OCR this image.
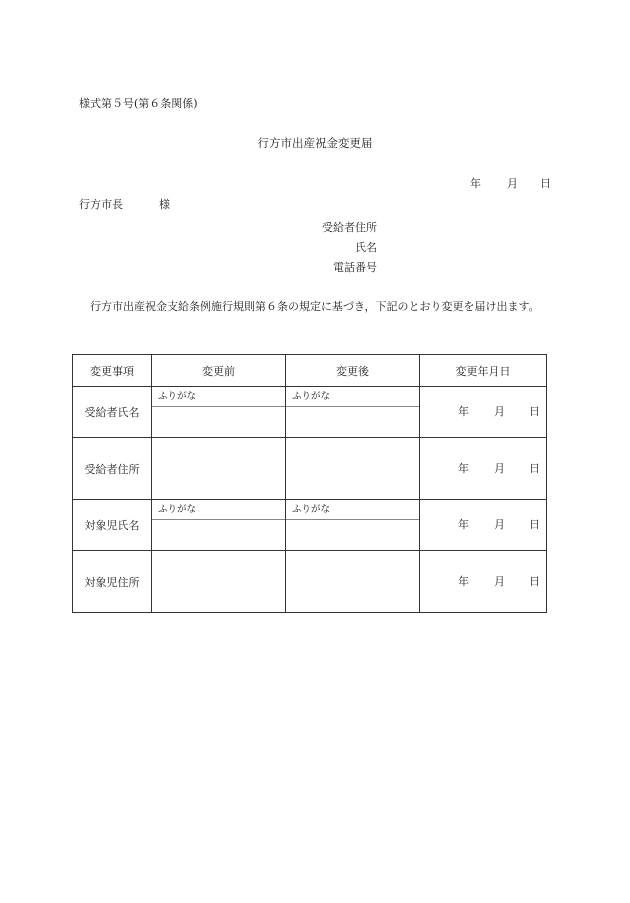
様式第５号(第６条関係)
行方市出産祝金変更届
年 月 日
行方市長	様
受給者住所
氏名
電話番号
行方市出産祝金支給条例施行規則第６条の規定に基づき，下記のとおり変更を届け出ます。
変更事項	変更前	変更後	変更年月日
受給者氏名	ふりがな	ふりがな	年 月 日

受給者住所			年 月 日

対象児氏名	ふりがな	ふりがな	年 月 日

対象児住所			年 月 日
